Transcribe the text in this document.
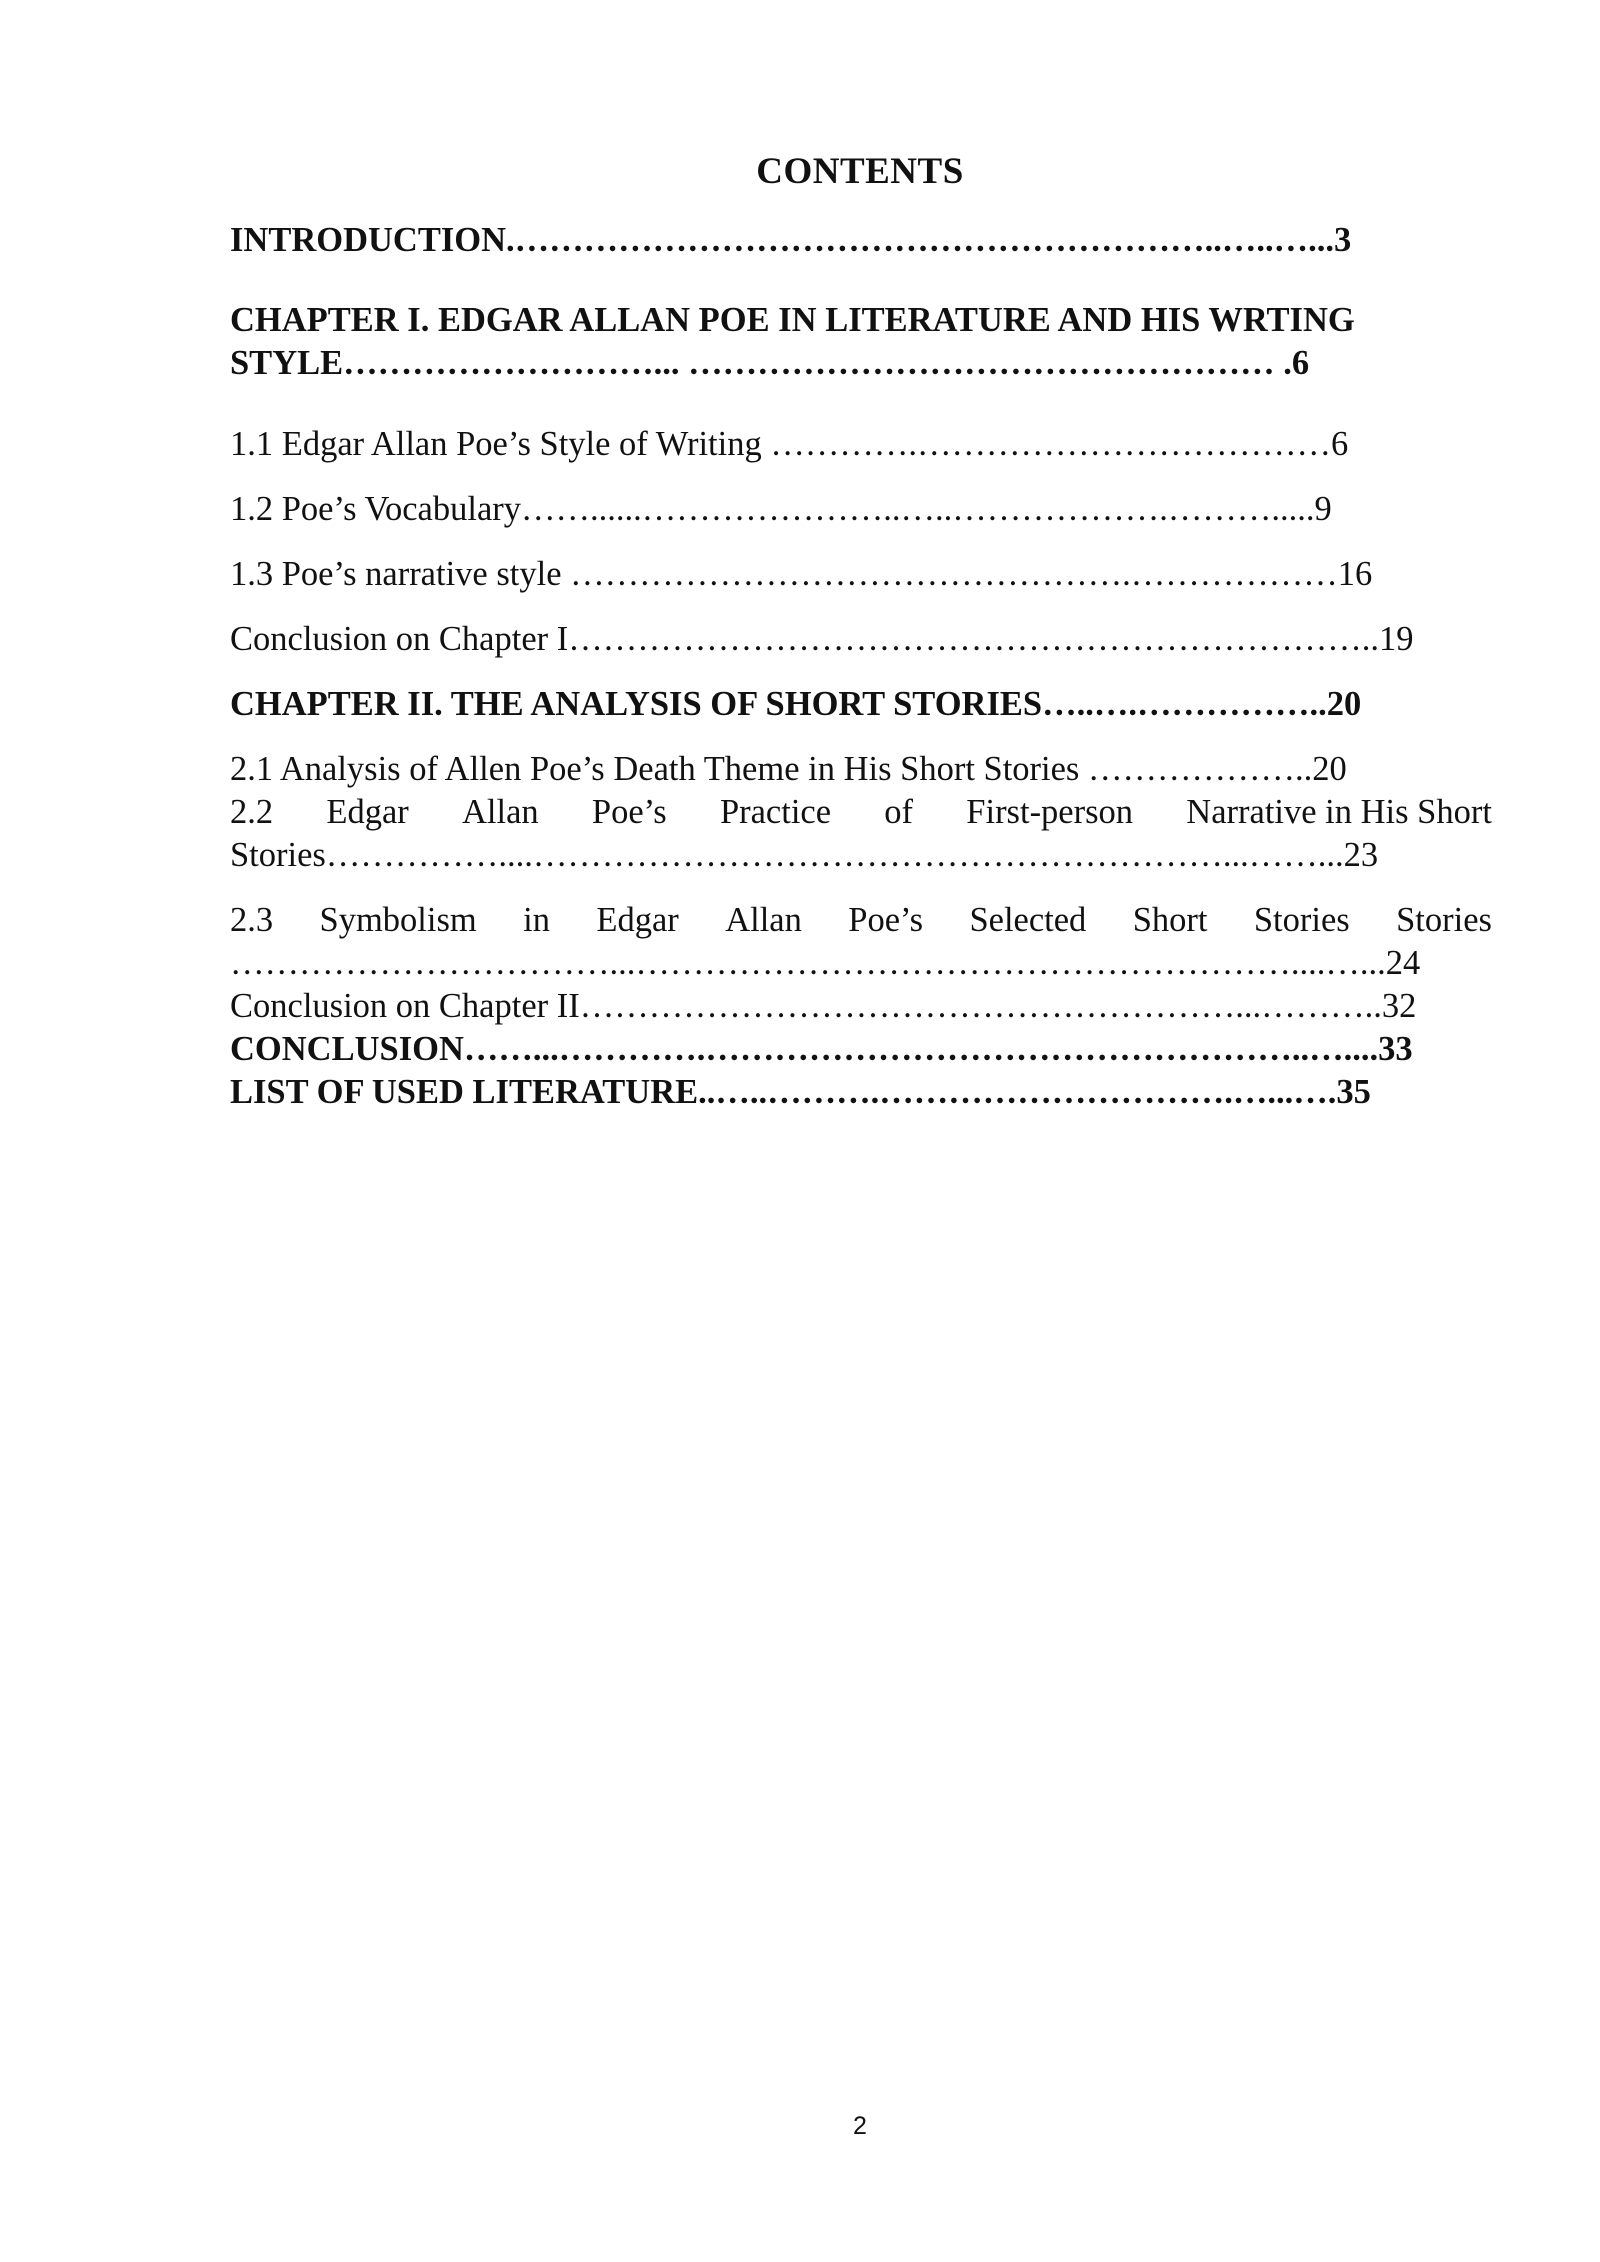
CONTENTS
INTRODUCTION.……………………………………………………..…..…...3
CHAPTER I. EDGAR ALLAN POE IN LITERATURE AND HIS WRTING
STYLE………………………... …………………………………………… .6
1.1 Edgar Allan Poe’s Style of Writing ………….………………………………6
1.2 Poe’s Vocabulary……......…………………..…..……………….……….....9
1.3 Poe’s narrative style ………………………………………….………………16
Conclusion on Chapter I……………………………………………………………..19
CHAPTER II. THE ANALYSIS OF SHORT STORIES…..….……………..20
2.1 Analysis of Allen Poe’s Death Theme in His Short Stories ………………..20
2.2 Edgar Allan Poe’s Practice of First-person Narrative in His Short
Stories……………....……………………………………………………...……...23
2.3 Symbolism in Edgar Allan Poe’s Selected Short Stories Stories
……………………………...…………………………………………………....…...24
Conclusion on Chapter II…………………………………………………...………..32
CONCLUSION……...………….……………………………………………..…....33
LIST OF USED LITERATURE..…..……….………………………….…...….35
2
